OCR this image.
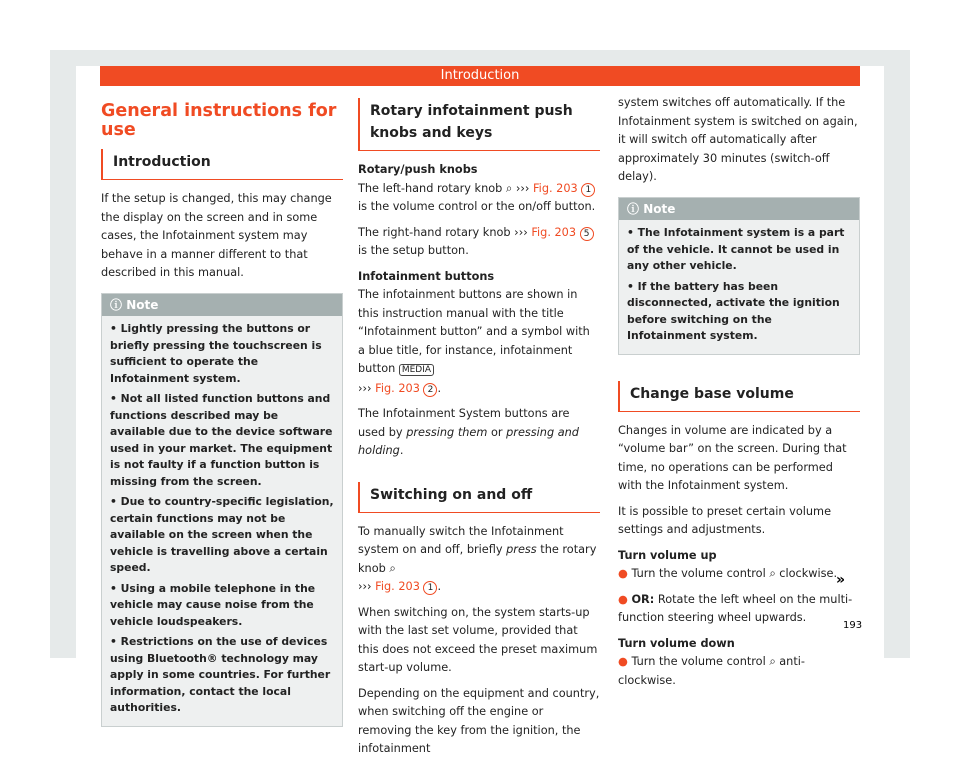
Introduction
General instructions for use
Introduction

If the setup is changed, this may change the display on the screen and in some cases, the Infotainment system may behave in a manner different to that described in this manual.

ⓘ Note
• Lightly pressing the buttons or briefly pressing the touchscreen is sufficient to operate the Infotainment system.
• Not all listed function buttons and functions described may be available due to the device software used in your market. The equipment is not faulty if a function button is missing from the screen.
• Due to country-specific legislation, certain functions may not be available on the screen when the vehicle is travelling above a certain speed.
• Using a mobile telephone in the vehicle may cause noise from the vehicle loudspeakers.
• Restrictions on the use of devices using Bluetooth® technology may apply in some countries. For further information, contact the local authorities.
Rotary infotainment push knobs and keys

Rotary/push knobs

The left-hand rotary knob ⌕ ››› Fig. 203 1 is the volume control or the on/off button.

The right-hand rotary knob ››› Fig. 203 5 is the setup button.

Infotainment buttons

The infotainment buttons are shown in this instruction manual with the title “Infotainment button” and a symbol with a blue title, for instance, infotainment button MEDIA
››› Fig. 203 2 .

The Infotainment System buttons are used by pressing them or pressing and holding.

Switching on and off

To manually switch the Infotainment system on and off, briefly press the rotary knob ⌕
››› Fig. 203 1 .

When switching on, the system starts-up with the last set volume, provided that this does not exceed the preset maximum start-up volume.

Depending on the equipment and country, when switching off the engine or removing the key from the ignition, the infotainment

system switches off automatically. If the Infotainment system is switched on again, it will switch off automatically after approximately 30 minutes (switch-off delay).

ⓘ Note
• The Infotainment system is a part of the vehicle. It cannot be used in any other vehicle.
• If the battery has been disconnected, activate the ignition before switching on the Infotainment system.
Change base volume

Changes in volume are indicated by a “volume bar” on the screen. During that time, no operations can be performed with the Infotainment system.

It is possible to preset certain volume settings and adjustments.

Turn volume up

● Turn the volume control ⌕ clockwise.

● OR: Rotate the left wheel on the multi-function steering wheel upwards.

Turn volume down

● Turn the volume control ⌕ anti-clockwise.

»
193
